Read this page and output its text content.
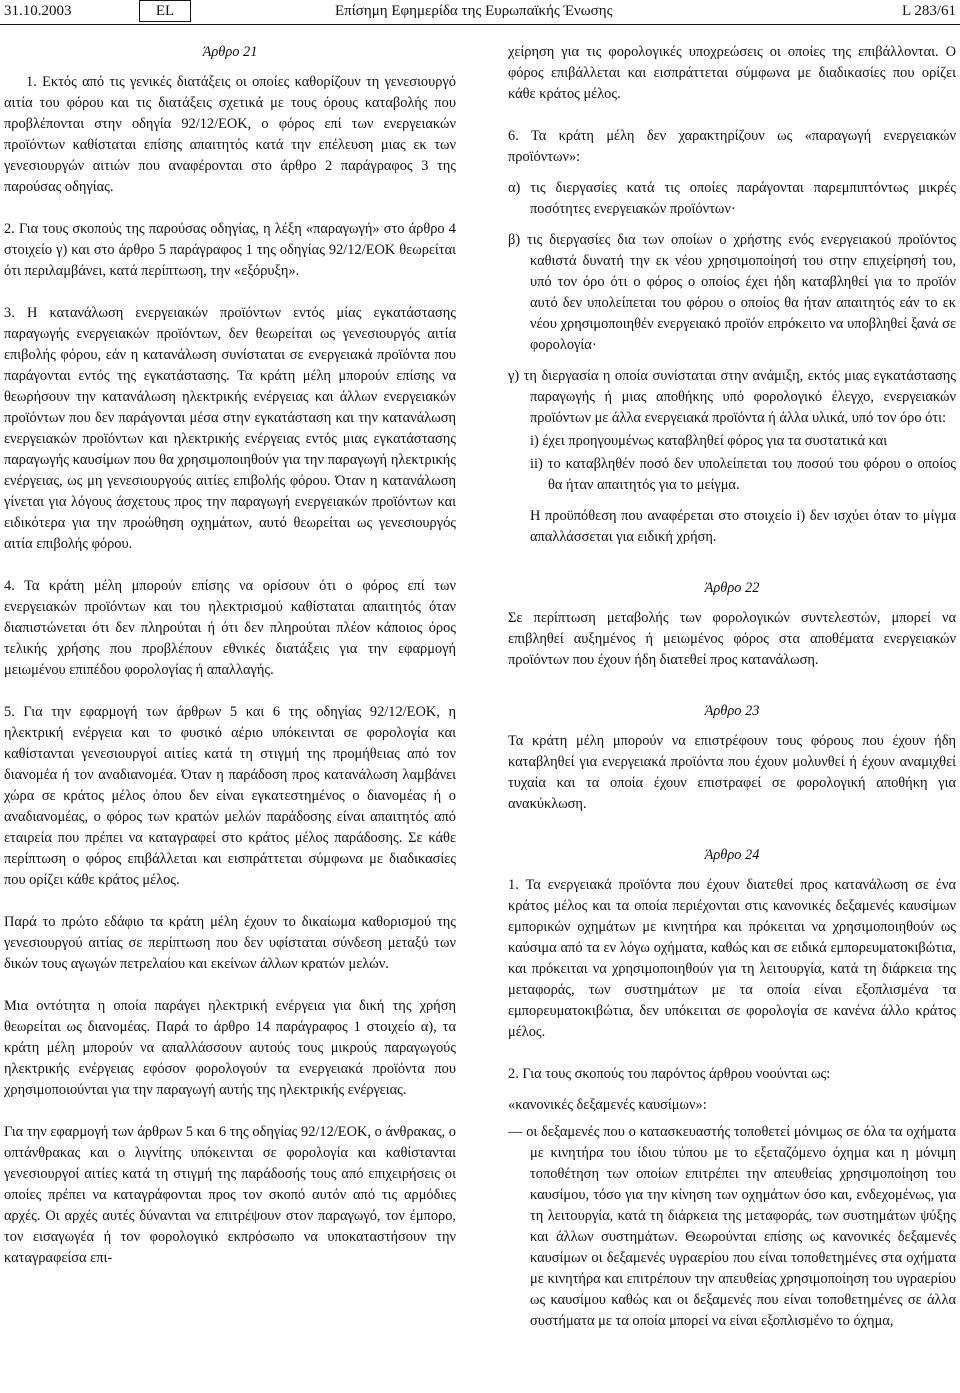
31.10.2003	EL	Επίσημη Εφημερίδα της Ευρωπαϊκής Ένωσης	L 283/61

Άρθρο 21

1. Εκτός από τις γενικές διατάξεις οι οποίες καθορίζουν τη γενεσιουργό αιτία του φόρου και τις διατάξεις σχετικά με τους όρους καταβολής που προβλέπονται στην οδηγία 92/12/ΕΟΚ, ο φόρος επί των ενεργειακών προϊόντων καθίσταται επίσης απαιτητός κατά την επέλευση μιας εκ των γενεσιουργών αιτιών που αναφέρονται στο άρθρο 2 παράγραφος 3 της παρούσας οδηγίας.

2. Για τους σκοπούς της παρούσας οδηγίας, η λέξη «παραγωγή» στο άρθρο 4 στοιχείο γ) και στο άρθρο 5 παράγραφος 1 της οδηγίας 92/12/ΕΟΚ θεωρείται ότι περιλαμβάνει, κατά περίπτωση, την «εξόρυξη».

3. Η κατανάλωση ενεργειακών προϊόντων εντός μίας εγκατάστασης παραγωγής ενεργειακών προϊόντων, δεν θεωρείται ως γενεσιουργός αιτία επιβολής φόρου, εάν η κατανάλωση συνίσταται σε ενεργειακά προϊόντα που παράγονται εντός της εγκατάστασης. Τα κράτη μέλη μπορούν επίσης να θεωρήσουν την κατανάλωση ηλεκτρικής ενέργειας και άλλων ενεργειακών προϊόντων που δεν παράγονται μέσα στην εγκατάσταση και την κατανάλωση ενεργειακών προϊόντων και ηλεκτρικής ενέργειας εντός μιας εγκατάστασης παραγωγής καυσίμων που θα χρησιμοποιηθούν για την παραγωγή ηλεκτρικής ενέργειας, ως μη γενεσιουργούς αιτίες επιβολής φόρου. Όταν η κατανάλωση γίνεται για λόγους άσχετους προς την παραγωγή ενεργειακών προϊόντων και ειδικότερα για την προώθηση οχημάτων, αυτό θεωρείται ως γενεσιουργός αιτία επιβολής φόρου.

4. Τα κράτη μέλη μπορούν επίσης να ορίσουν ότι ο φόρος επί των ενεργειακών προϊόντων και του ηλεκτρισμού καθίσταται απαιτητός όταν διαπιστώνεται ότι δεν πληρούται ή ότι δεν πληρούται πλέον κάποιος όρος τελικής χρήσης που προβλέπουν εθνικές διατάξεις για την εφαρμογή μειωμένου επιπέδου φορολογίας ή απαλλαγής.

5. Για την εφαρμογή των άρθρων 5 και 6 της οδηγίας 92/12/ΕΟΚ, η ηλεκτρική ενέργεια και το φυσικό αέριο υπόκεινται σε φορολογία και καθίστανται γενεσιουργοί αιτίες κατά τη στιγμή της προμήθειας από τον διανομέα ή τον αναδιανομέα. Όταν η παράδοση προς κατανάλωση λαμβάνει χώρα σε κράτος μέλος όπου δεν είναι εγκατεστημένος ο διανομέας ή ο αναδιανομέας, ο φόρος των κρατών μελών παράδοσης είναι απαιτητός από εταιρεία που πρέπει να καταγραφεί στο κράτος μέλος παράδοσης. Σε κάθε περίπτωση ο φόρος επιβάλλεται και εισπράττεται σύμφωνα με διαδικασίες που ορίζει κάθε κράτος μέλος.

Παρά το πρώτο εδάφιο τα κράτη μέλη έχουν το δικαίωμα καθορισμού της γενεσιουργού αιτίας σε περίπτωση που δεν υφίσταται σύνδεση μεταξύ των δικών τους αγωγών πετρελαίου και εκείνων άλλων κρατών μελών.

Μια οντότητα η οποία παράγει ηλεκτρική ενέργεια για δική της χρήση θεωρείται ως διανομέας. Παρά το άρθρο 14 παράγραφος 1 στοιχείο α), τα κράτη μέλη μπορούν να απαλλάσσουν αυτούς τους μικρούς παραγωγούς ηλεκτρικής ενέργειας εφόσον φορολογούν τα ενεργειακά προϊόντα που χρησιμοποιούνται για την παραγωγή αυτής της ηλεκτρικής ενέργειας.

Για την εφαρμογή των άρθρων 5 και 6 της οδηγίας 92/12/ΕΟΚ, ο άνθρακας, ο οπτάνθρακας και ο λιγνίτης υπόκεινται σε φορολογία και καθίστανται γενεσιουργοί αιτίες κατά τη στιγμή της παράδοσής τους από επιχειρήσεις οι οποίες πρέπει να καταγράφονται προς τον σκοπό αυτόν από τις αρμόδιες αρχές. Οι αρχές αυτές δύνανται να επιτρέψουν στον παραγωγό, τον έμπορο, τον εισαγωγέα ή τον φορολογικό εκπρόσωπο να υποκαταστήσουν την καταγραφείσα επι-

χείρηση για τις φορολογικές υποχρεώσεις οι οποίες της επιβάλλονται. Ο φόρος επιβάλλεται και εισπράττεται σύμφωνα με διαδικασίες που ορίζει κάθε κράτος μέλος.

6. Τα κράτη μέλη δεν χαρακτηρίζουν ως «παραγωγή ενεργειακών προϊόντων»:

α) τις διεργασίες κατά τις οποίες παράγονται παρεμπιπτόντως μικρές ποσότητες ενεργειακών προϊόντων·

β) τις διεργασίες δια των οποίων ο χρήστης ενός ενεργειακού προϊόντος καθιστά δυνατή την εκ νέου χρησιμοποίησή του στην επιχείρησή του, υπό τον όρο ότι ο φόρος ο οποίος έχει ήδη καταβληθεί για το προϊόν αυτό δεν υπολείπεται του φόρου ο οποίος θα ήταν απαιτητός εάν το εκ νέου χρησιμοποιηθέν ενεργειακό προϊόν επρόκειτο να υποβληθεί ξανά σε φορολογία·

γ) τη διεργασία η οποία συνίσταται στην ανάμιξη, εκτός μιας εγκατάστασης παραγωγής ή μιας αποθήκης υπό φορολογικό έλεγχο, ενεργειακών προϊόντων με άλλα ενεργειακά προϊόντα ή άλλα υλικά, υπό τον όρο ότι:

i) έχει προηγουμένως καταβληθεί φόρος για τα συστατικά και

ii) το καταβληθέν ποσό δεν υπολείπεται του ποσού του φόρου ο οποίος θα ήταν απαιτητός για το μείγμα.

Η προϋπόθεση που αναφέρεται στο στοιχείο i) δεν ισχύει όταν το μίγμα απαλλάσσεται για ειδική χρήση.

Άρθρο 22

Σε περίπτωση μεταβολής των φορολογικών συντελεστών, μπορεί να επιβληθεί αυξημένος ή μειωμένος φόρος στα αποθέματα ενεργειακών προϊόντων που έχουν ήδη διατεθεί προς κατανάλωση.

Άρθρο 23

Τα κράτη μέλη μπορούν να επιστρέφουν τους φόρους που έχουν ήδη καταβληθεί για ενεργειακά προϊόντα που έχουν μολυνθεί ή έχουν αναμιχθεί τυχαία και τα οποία έχουν επιστραφεί σε φορολογική αποθήκη για ανακύκλωση.

Άρθρο 24

1. Τα ενεργειακά προϊόντα που έχουν διατεθεί προς κατανάλωση σε ένα κράτος μέλος και τα οποία περιέχονται στις κανονικές δεξαμενές καυσίμων εμπορικών οχημάτων με κινητήρα και πρόκειται να χρησιμοποιηθούν ως καύσιμα από τα εν λόγω οχήματα, καθώς και σε ειδικά εμπορευματοκιβώτια, και πρόκειται να χρησιμοποιηθούν για τη λειτουργία, κατά τη διάρκεια της μεταφοράς, των συστημάτων με τα οποία είναι εξοπλισμένα τα εμπορευματοκιβώτια, δεν υπόκειται σε φορολογία σε κανένα άλλο κράτος μέλος.

2. Για τους σκοπούς του παρόντος άρθρου νοούνται ως:

«κανονικές δεξαμενές καυσίμων»:

— οι δεξαμενές που ο κατασκευαστής τοποθετεί μόνιμως σε όλα τα οχήματα με κινητήρα του ίδιου τύπου με το εξεταζόμενο όχημα και η μόνιμη τοποθέτηση των οποίων επιτρέπει την απευθείας χρησιμοποίηση του καυσίμου, τόσο για την κίνηση των οχημάτων όσο και, ενδεχομένως, για τη λειτουργία, κατά τη διάρκεια της μεταφοράς, των συστημάτων ψύξης και άλλων συστημάτων. Θεωρούνται επίσης ως κανονικές δεξαμενές καυσίμων οι δεξαμενές υγραερίου που είναι τοποθετημένες στα οχήματα με κινητήρα και επιτρέπουν την απευθείας χρησιμοποίηση του υγραερίου ως καυσίμου καθώς και οι δεξαμενές που είναι τοποθετημένες σε άλλα συστήματα με τα οποία μπορεί να είναι εξοπλισμένο το όχημα,
